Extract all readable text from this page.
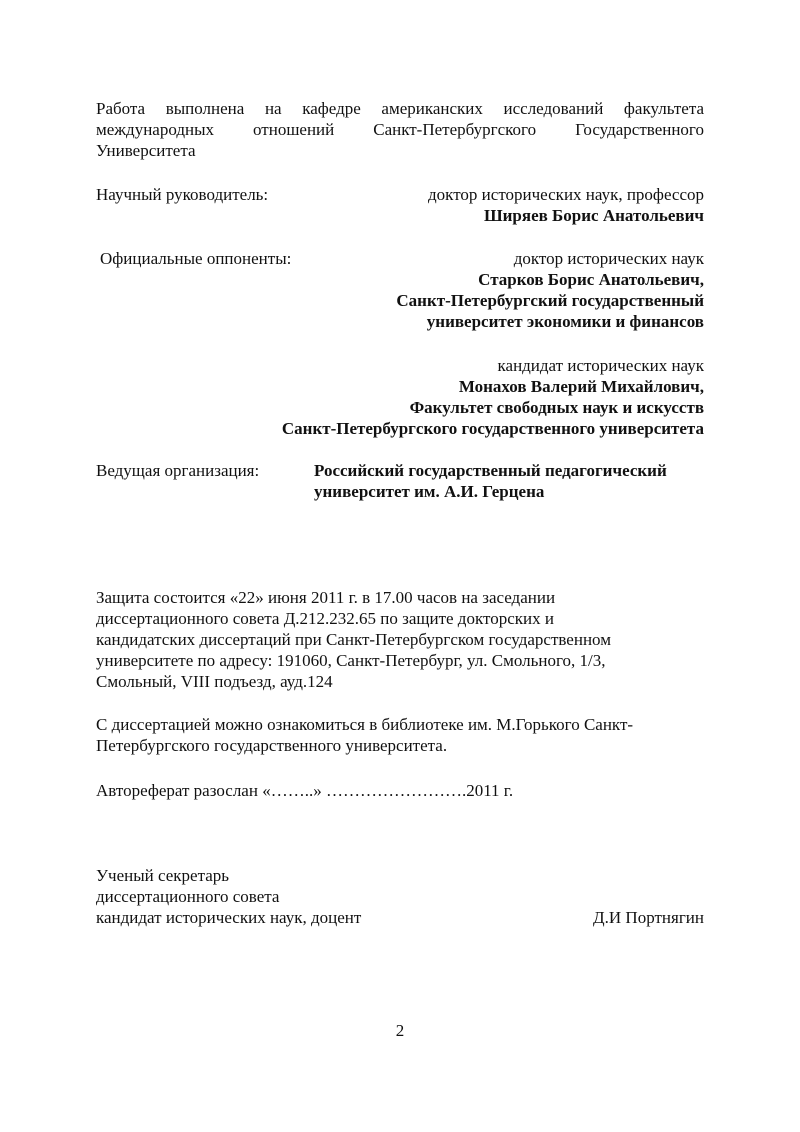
Работа выполнена на кафедре американских исследований факультета
международных отношений Санкт-Петербургского Государственного
Университета
Научный руководитель:	доктор исторических наук, профессор
Ширяев Борис Анатольевич
Официальные оппоненты:	доктор исторических наук
Старков Борис Анатольевич,
Санкт-Петербургский государственный
университет экономики и финансов
кандидат исторических наук
Монахов Валерий Михайлович,
Факультет свободных наук и искусств
Санкт-Петербургского государственного университета
Ведущая организация:	Российский государственный педагогический
университет им. А.И. Герцена
Защита состоится «22» июня 2011 г. в 17.00 часов на заседании
диссертационного совета Д.212.232.65 по защите докторских и
кандидатских диссертаций при Санкт-Петербургском государственном
университете по адресу: 191060, Санкт-Петербург, ул. Смольного, 1/3,
Смольный, VIII подъезд, ауд.124
С диссертацией можно ознакомиться в библиотеке им. М.Горького Санкт-
Петербургского государственного университета.
Автореферат разослан «……..» …………………….2011 г.
Ученый секретарь
диссертационного совета
кандидат исторических наук, доцент	Д.И Портнягин
2
